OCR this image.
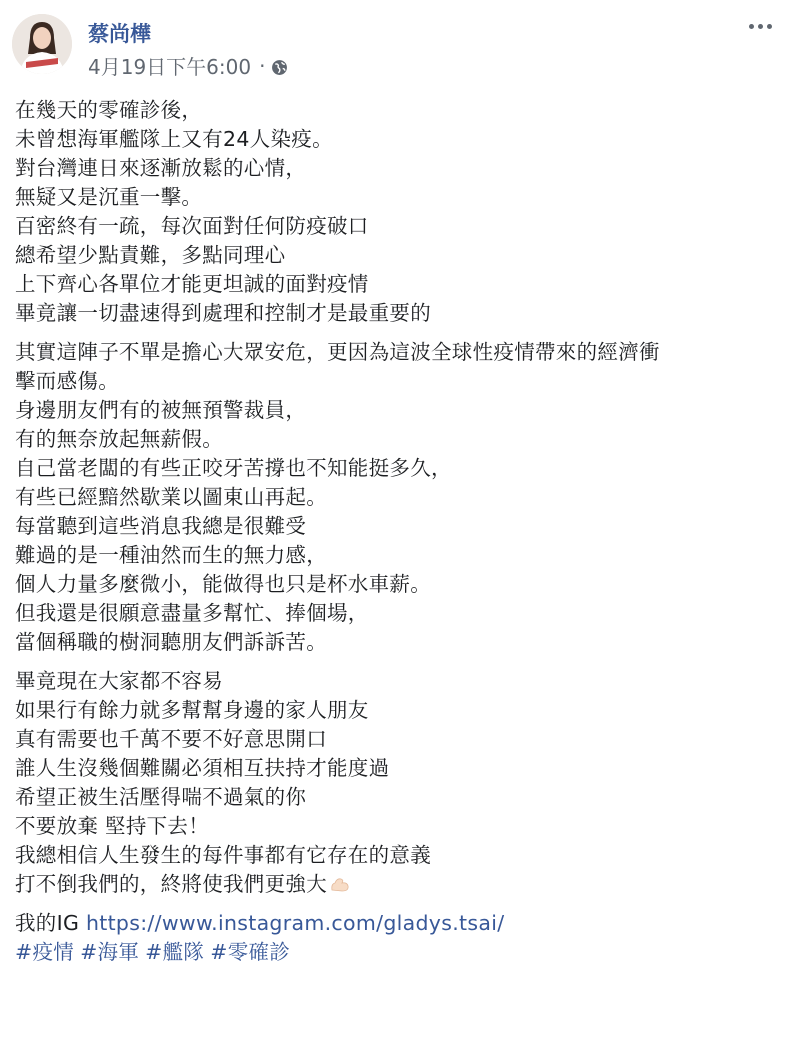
蔡尚樺
4月19日下午6:00 ·
在幾天的零確診後，
未曾想海軍艦隊上又有24人染疫。
對台灣連日來逐漸放鬆的心情，
無疑又是沉重一擊。
百密終有一疏，每次面對任何防疫破口
總希望少點責難，多點同理心
上下齊心各單位才能更坦誠的面對疫情
畢竟讓一切盡速得到處理和控制才是最重要的
其實這陣子不單是擔心大眾安危，更因為這波全球性疫情帶來的經濟衝
擊而感傷。
身邊朋友們有的被無預警裁員，
有的無奈放起無薪假。
自己當老闆的有些正咬牙苦撐也不知能挺多久，
有些已經黯然歇業以圖東山再起。
每當聽到這些消息我總是很難受
難過的是一種油然而生的無力感，
個人力量多麼微小，能做得也只是杯水車薪。
但我還是很願意盡量多幫忙、捧個場，
當個稱職的樹洞聽朋友們訴訴苦。
畢竟現在大家都不容易
如果行有餘力就多幫幫身邊的家人朋友
真有需要也千萬不要不好意思開口
誰人生沒幾個難關必須相互扶持才能度過
希望正被生活壓得喘不過氣的你
不要放棄 堅持下去！
我總相信人生發生的每件事都有它存在的意義
打不倒我們的，終將使我們更強大
我的IG https://www.instagram.com/gladys.tsai/
#疫情 #海軍 #艦隊 #零確診
